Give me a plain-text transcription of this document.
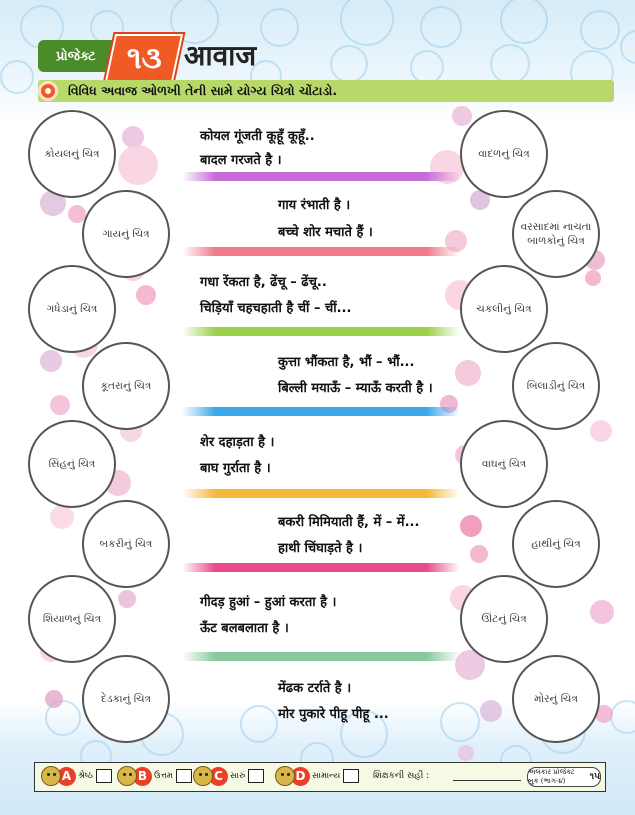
પ્રોજેક્ટ	૧૩ आवाज
વિવિધ અવાજ ઓળખી તેની સામે યોગ્ય ચિત્રો ચોંટાડો.
કોયલનું ચિત્ર
ગાયનું ચિત્ર
ગધેડાનું ચિત્ર
કૂતરાનું ચિત્ર
સિંહનું ચિત્ર
બકરીનું ચિત્ર
શિયાળનું ચિત્ર
દેડકાનું ચિત્ર
વાદળનું ચિત્ર
વરસાદમાં નાચતા બાળકોનું ચિત્ર
ચકલીનું ચિત્ર
બિલાડીનું ચિત્ર
વાઘનું ચિત્ર
હાથીનું ચિત્ર
ઊંટનું ચિત્ર
મોરનું ચિત્ર
कोयल गूंजती कूहूँ कूहूँ..
बादल गरजते है ।
गाय रंभाती है ।
बच्चे शोर मचाते हैं ।
गधा रेंकता है, ढेंचू – ढेंचू..
चिड़ियाँ चहचहाती है चीं – चीं...
कुत्ता भौंकता है, भौं – भौं...
बिल्ली मयाऊँ – म्याऊँ करती है ।
शेर दहाड़ता है ।
बाघ गुर्राता है ।
बकरी मिमियाती हैं, में – में...
हाथी चिंघाड़ते है ।
गीदड़ हुआं – हुआं करता है ।
ऊँट बलबलाता है ।
मेंढक टर्राते है ।
मोर पुकारे पीहू पीहू ...
A શ્રેષ્ઠ	B ઉત્તમ	C સારું	D સામાન્ય	શિક્ષકની સહી :	અલંકાર પ્રોજેક્ટ બુક (ભાગ-૪)	૧૫
